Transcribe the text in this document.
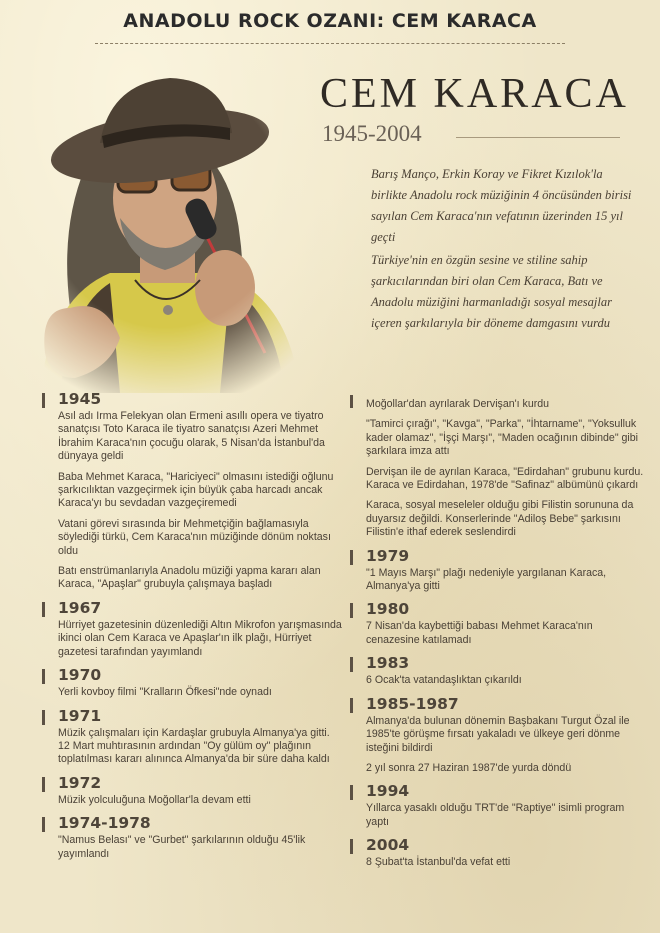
ANADOLU ROCK OZANI: CEM KARACA
CEM KARACA
1945-2004
Barış Manço, Erkin Koray ve Fikret Kızılok'la birlikte Anadolu rock müziğinin 4 öncüsünden birisi sayılan Cem Karaca'nın vefatının üzerinden 15 yıl geçti
Türkiye'nin en özgün sesine ve stiline sahip şarkıcılarından biri olan Cem Karaca, Batı ve Anadolu müziğini harmanladığı sosyal mesajlar içeren şarkılarıyla bir döneme damgasını vurdu
1945

Asıl adı Irma Felekyan olan Ermeni asıllı opera ve tiyatro sanatçısı Toto Karaca ile tiyatro sanatçısı Azeri Mehmet İbrahim Karaca'nın çocuğu olarak, 5 Nisan'da İstanbul'da dünyaya geldi

Baba Mehmet Karaca, "Hariciyeci" olmasını istediği oğlunu şarkıcılıktan vazgeçirmek için büyük çaba harcadı ancak Karaca'yı bu sevdadan vazgeçiremedi

Vatani görevi sırasında bir Mehmetçiğin bağlamasıyla söylediği türkü, Cem Karaca'nın müziğinde dönüm noktası oldu

Batı enstrümanlarıyla Anadolu müziği yapma kararı alan Karaca, "Apaşlar" grubuyla çalışmaya başladı

1967

Hürriyet gazetesinin düzenlediği Altın Mikrofon yarışmasında ikinci olan Cem Karaca ve Apaşlar'ın ilk plağı, Hürriyet gazetesi tarafından yayımlandı

1970

Yerli kovboy filmi "Kralların Öfkesi"nde oynadı

1971

Müzik çalışmaları için Kardaşlar grubuyla Almanya'ya gitti. 12 Mart muhtırasının ardından "Oy gülüm oy" plağının toplatılması kararı alınınca Almanya'da bir süre daha kaldı

1972

Müzik yolculuğuna Moğollar'la devam etti

1974-1978

"Namus Belası" ve "Gurbet" şarkılarının olduğu 45'lik yayımlandı

Moğollar'dan ayrılarak Dervişan'ı kurdu

"Tamirci çırağı", "Kavga", "Parka", "İhtarname", "Yoksulluk kader olamaz", "İşçi Marşı", "Maden ocağının dibinde" gibi şarkılara imza attı

Dervişan ile de ayrılan Karaca, "Edirdahan" grubunu kurdu. Karaca ve Edirdahan, 1978'de "Safinaz" albümünü çıkardı

Karaca, sosyal meseleler olduğu gibi Filistin sorununa da duyarsız değildi. Konserlerinde "Adiloş Bebe" şarkısını Filistin'e ithaf ederek seslendirdi

1979

"1 Mayıs Marşı" plağı nedeniyle yargılanan Karaca, Almanya'ya gitti

1980

7 Nisan'da kaybettiği babası Mehmet Karaca'nın cenazesine katılamadı

1983

6 Ocak'ta vatandaşlıktan çıkarıldı

1985-1987

Almanya'da bulunan dönemin Başbakanı Turgut Özal ile 1985'te görüşme fırsatı yakaladı ve ülkeye geri dönme isteğini bildirdi

2 yıl sonra 27 Haziran 1987'de yurda döndü

1994

Yıllarca yasaklı olduğu TRT'de "Raptiye" isimli program yaptı

2004

8 Şubat'ta İstanbul'da vefat etti
